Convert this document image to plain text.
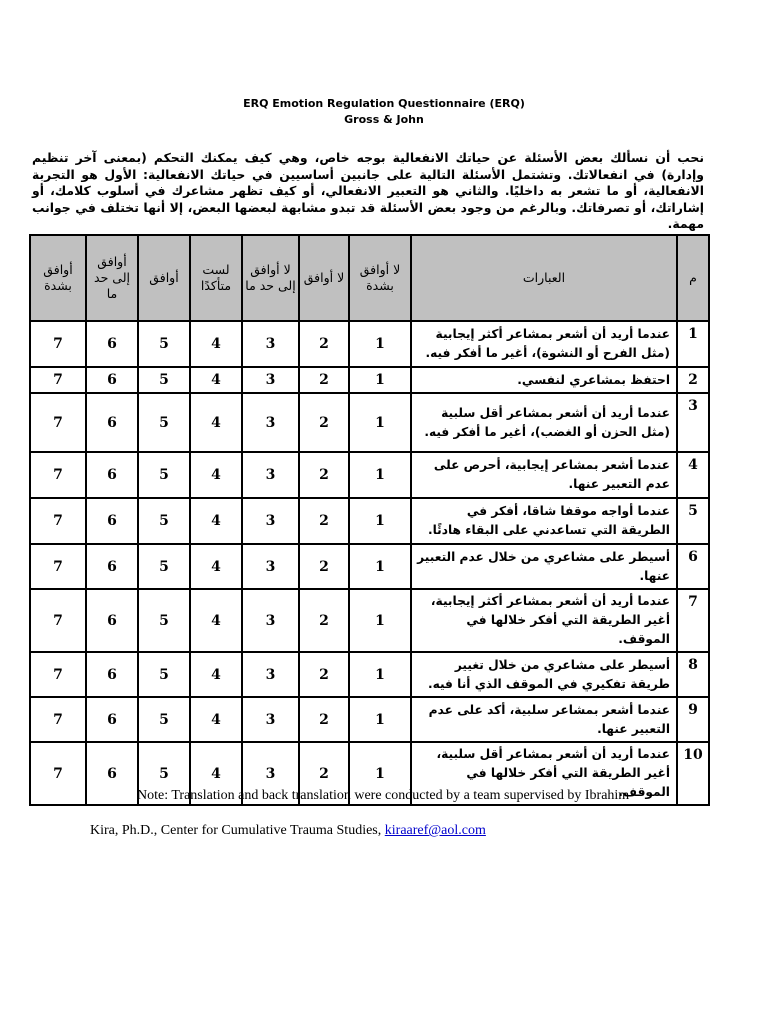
ERQ Emotion Regulation Questionnaire (ERQ)
Gross & John
نحب أن نسألك بعض الأسئلة عن حياتك الانفعالية بوجه خاص، وهي كيف يمكنك التحكم (بمعنى آخر تنظيم وإدارة) في انفعالاتك. وتشتمل الأسئلة التالية على جانبين أساسيين في حياتك الانفعالية: الأول هو التجربة الانفعالية، أو ما تشعر به داخليًا. والثاني هو التعبير الانفعالي، أو كيف تظهر مشاعرك في أسلوب كلامك، أو إشاراتك، أو تصرفاتك. وبالرغم من وجود بعض الأسئلة قد تبدو مشابهة لبعضها البعض، إلا أنها تختلف في جوانب مهمة.
م	العبارات	لا أوافق بشدة	لا أوافق	لا أوافق إلى حد ما	لست متأكدًا	أوافق	أوافق إلى حد ما	أوافق بشدة
1	عندما أريد أن أشعر بمشاعر أكثر إيجابية (مثل الفرح أو النشوة)، أغير ما أفكر فيه.	1	2	3	4	5	6	7
2	احتفظ بمشاعري لنفسي.	1	2	3	4	5	6	7
3	عندما أريد أن أشعر بمشاعر أقل سلبية (مثل الحزن أو الغضب)، أغير ما أفكر فيه.	1	2	3	4	5	6	7
4	عندما أشعر بمشاعر إيجابية، أحرص على عدم التعبير عنها.	1	2	3	4	5	6	7
5	عندما أواجه موقفا شاقا، أفكر في الطريقة التي تساعدني على البقاء هادئًا.	1	2	3	4	5	6	7
6	أسيطر على مشاعري من خلال عدم التعبير عنها.	1	2	3	4	5	6	7
7	عندما أريد أن أشعر بمشاعر أكثر إيجابية، أغير الطريقة التي أفكر خلالها في الموقف.	1	2	3	4	5	6	7
8	أسيطر على مشاعري من خلال تغيير طريقة تفكيري في الموقف الذي أنا فيه.	1	2	3	4	5	6	7
9	عندما أشعر بمشاعر سلبية، أكد على عدم التعبير عنها.	1	2	3	4	5	6	7
10	عندما أريد أن أشعر بمشاعر أقل سلبية، أغير الطريقة التي أفكر خلالها في الموقف.	1	2	3	4	5	6	7
Note: Translation and back translation were conducted by a team supervised by Ibrahim
Kira, Ph.D., Center for Cumulative Trauma Studies, kiraaref@aol.com
